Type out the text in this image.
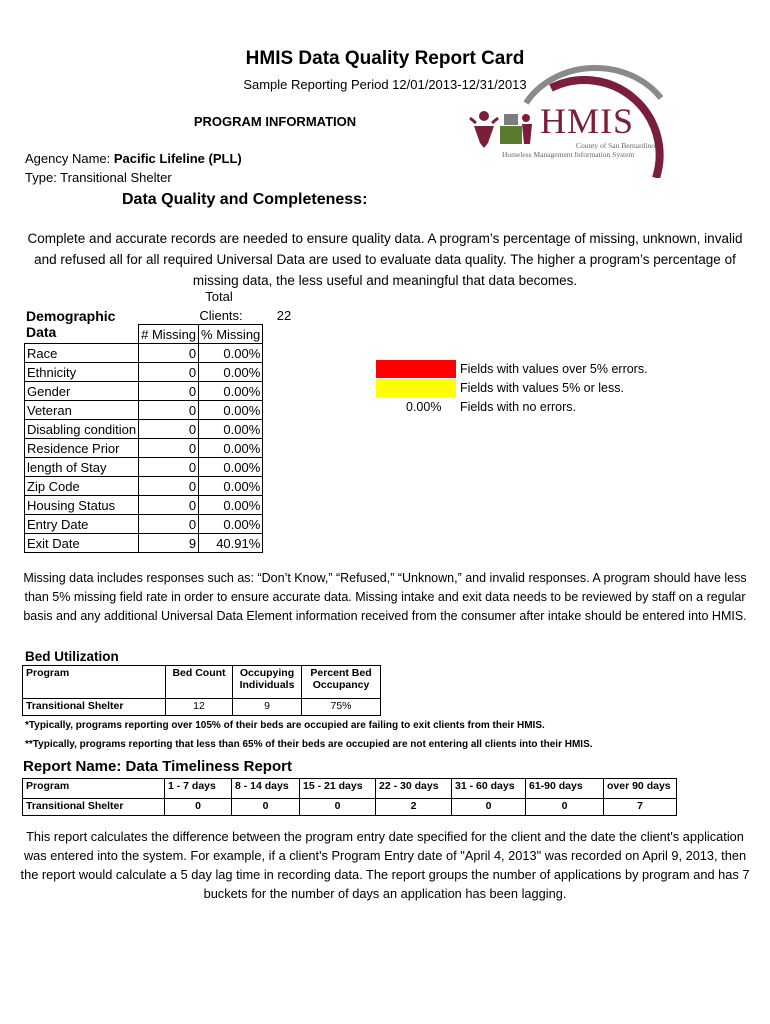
HMIS Data Quality Report Card
Sample Reporting Period 12/01/2013-12/31/2013
PROGRAM INFORMATION
Agency Name: Pacific Lifeline (PLL)
Type: Transitional Shelter
HMIS
County of San Bernardino
Homeless Management Information System
Data Quality and Completeness:
Complete and accurate records are needed to ensure quality data. A program’s percentage of missing, unknown, invalid and refused all for all required Universal Data are used to evaluate data quality. The higher a program’s percentage of missing data, the less useful and meaningful that data becomes.
Total
Demographic Data
Clients:	22
	# Missing	% Missing
Race	0	0.00%
Ethnicity	0	0.00%
Gender	0	0.00%
Veteran	0	0.00%
Disabling condition	0	0.00%
Residence Prior	0	0.00%
length of Stay	0	0.00%
Zip Code	0	0.00%
Housing Status	0	0.00%
Entry Date	0	0.00%
Exit Date	9	40.91%
Fields with values over 5% errors.
Fields with values 5% or less.
0.00% Fields with no errors.
Missing data includes responses such as: “Don’t Know,” “Refused,” “Unknown,” and invalid responses. A program should have less than 5% missing field rate in order to ensure accurate data. Missing intake and exit data needs to be reviewed by staff on a regular basis and any additional Universal Data Element information received from the consumer after intake should be entered into HMIS.
Bed Utilization
Program	Bed Count	Occupying Individuals	Percent Bed Occupancy
Transitional Shelter	12	9	75%
*Typically, programs reporting over 105% of their beds are occupied are failing to exit clients from their HMIS.
**Typically, programs reporting that less than 65% of their beds are occupied are not entering all clients into their HMIS.
Report Name: Data Timeliness Report
Program	1 - 7 days	8 - 14 days	15 - 21 days	22 - 30 days	31 - 60 days	61-90 days	over 90 days
Transitional Shelter	0	0	0	2	0	0	7
This report calculates the difference between the program entry date specified for the client and the date the client's application was entered into the system. For example, if a client's Program Entry date of "April 4, 2013" was recorded on April 9, 2013, then the report would calculate a 5 day lag time in recording data. The report groups the number of applications by program and has 7 buckets for the number of days an application has been lagging.
